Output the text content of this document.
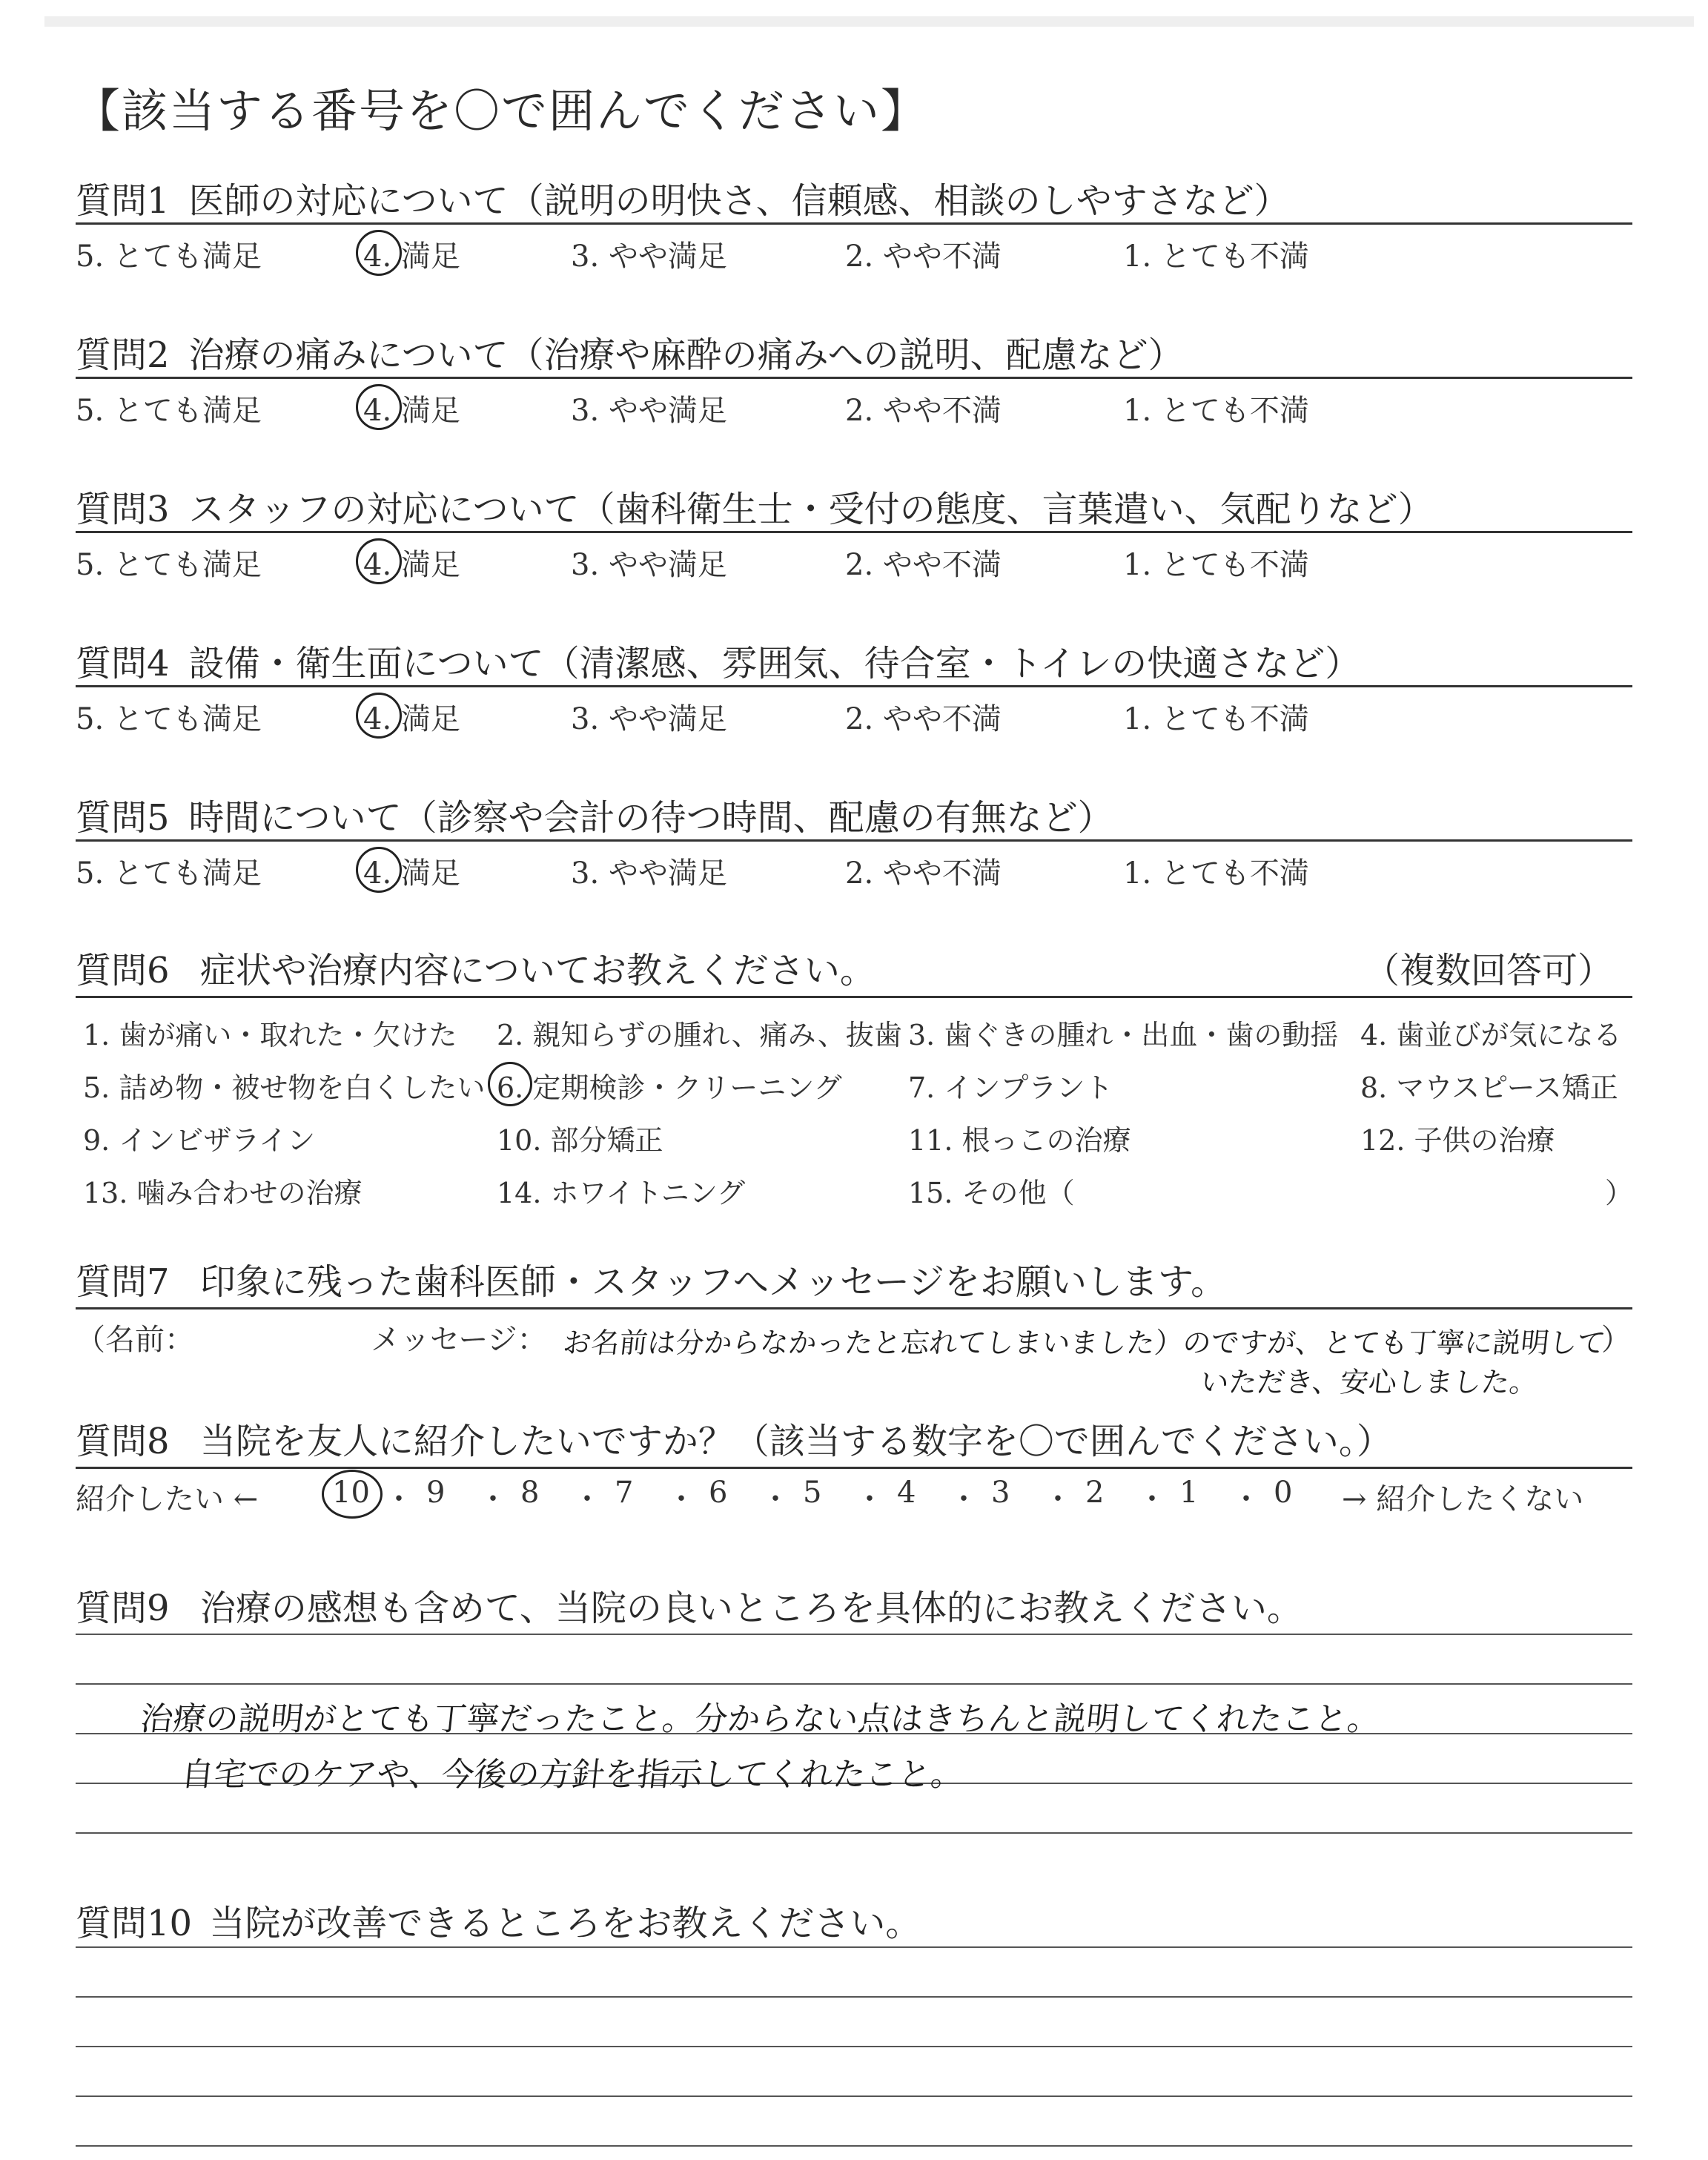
【該当する番号を〇で囲んでください】
質問1 医師の対応について（説明の明快さ、信頼感、相談のしやすさなど）
5. とても満足	4. 満足	3. やや満足	2. やや不満	1. とても不満
質問2 治療の痛みについて（治療や麻酔の痛みへの説明、配慮など）
5. とても満足	4. 満足	3. やや満足	2. やや不満	1. とても不満
質問3 スタッフの対応について（歯科衛生士・受付の態度、言葉遣い、気配りなど）
5. とても満足	4. 満足	3. やや満足	2. やや不満	1. とても不満
質問4 設備・衛生面について（清潔感、雰囲気、待合室・トイレの快適さなど）
5. とても満足	4. 満足	3. やや満足	2. やや不満	1. とても不満
質問5 時間について（診察や会計の待つ時間、配慮の有無など）
5. とても満足	4. 満足	3. やや満足	2. やや不満	1. とても不満
質問6 症状や治療内容についてお教えください。	（複数回答可）
1. 歯が痛い・取れた・欠けた 2. 親知らずの腫れ、痛み、抜歯 3. 歯ぐきの腫れ・出血・歯の動揺 4. 歯並びが気になる
5. 詰め物・被せ物を白くしたい 6. 定期検診・クリーニング 7. インプラント	8. マウスピース矯正
9. インビザライン	10. 部分矯正	11. 根っこの治療	12. 子供の治療
13. 噛み合わせの治療	14. ホワイトニング	15. その他（	）
質問7 印象に残った歯科医師・スタッフへメッセージをお願いします。
（名前：	メッセージ： お名前は分からなかったと忘れてしまいました）のですが、とても丁寧に説明して
いただき、安心しました。
）
質問8 当院を友人に紹介したいですか？（該当する数字を〇で囲んでください。）
紹介したい ←	→ 紹介したくない
10 ・ 9 ・ 8 ・ 7 ・ 6 ・ 5 ・ 4 ・ 3 ・ 2 ・ 1 ・ 0
質問9 治療の感想も含めて、当院の良いところを具体的にお教えください。
治療の説明がとても丁寧だったこと。分からない点はきちんと説明してくれたこと。
自宅でのケアや、今後の方針を指示してくれたこと。
質問10 当院が改善できるところをお教えください。
